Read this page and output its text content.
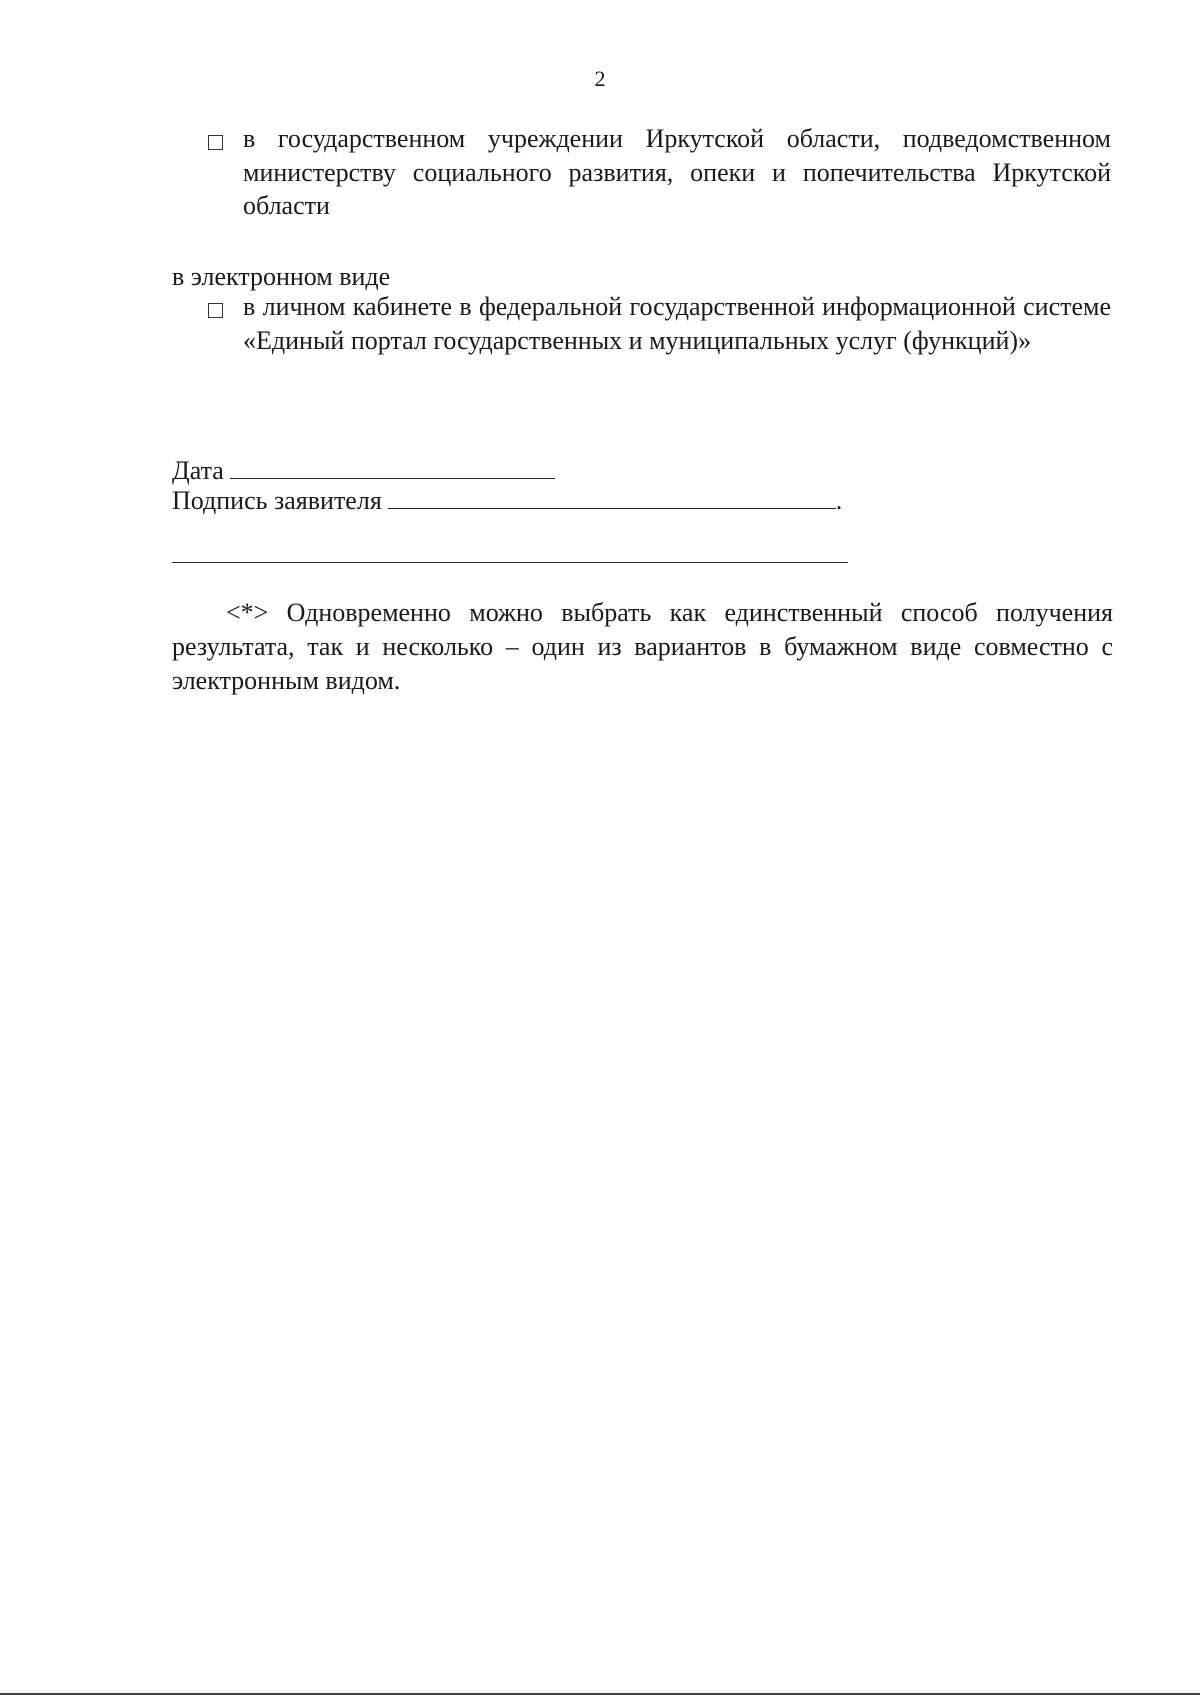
2

в государственном учреждении Иркутской области, подведомственном министерству социального развития, опеки и попечительства Иркутской области

в электронном виде

в личном кабинете в федеральной государственной информационной системе «Единый портал государственных и муниципальных услуг (функций)»

Дата
Подпись заявителя	.

<*> Одновременно можно выбрать как единственный способ получения результата, так и несколько – один из вариантов в бумажном виде совместно с электронным видом.
